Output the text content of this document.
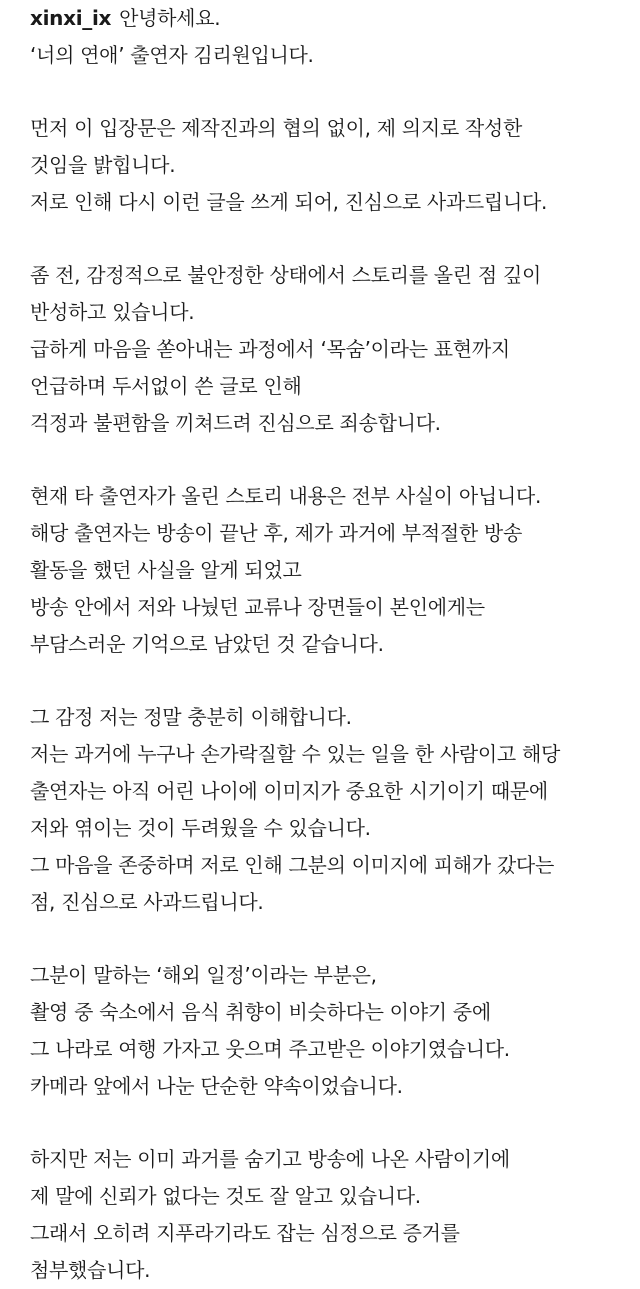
xinxi_ix 안녕하세요.
‘너의 연애’ 출연자 김리원입니다.
먼저 이 입장문은 제작진과의 협의 없이, 제 의지로 작성한
것임을 밝힙니다.
저로 인해 다시 이런 글을 쓰게 되어, 진심으로 사과드립니다.
좀 전, 감정적으로 불안정한 상태에서 스토리를 올린 점 깊이
반성하고 있습니다.
급하게 마음을 쏟아내는 과정에서 ‘목숨’이라는 표현까지
언급하며 두서없이 쓴 글로 인해
걱정과 불편함을 끼쳐드려 진심으로 죄송합니다.
현재 타 출연자가 올린 스토리 내용은 전부 사실이 아닙니다.
해당 출연자는 방송이 끝난 후, 제가 과거에 부적절한 방송
활동을 했던 사실을 알게 되었고
방송 안에서 저와 나눴던 교류나 장면들이 본인에게는
부담스러운 기억으로 남았던 것 같습니다.
그 감정 저는 정말 충분히 이해합니다.
저는 과거에 누구나 손가락질할 수 있는 일을 한 사람이고 해당
출연자는 아직 어린 나이에 이미지가 중요한 시기이기 때문에
저와 엮이는 것이 두려웠을 수 있습니다.
그 마음을 존중하며 저로 인해 그분의 이미지에 피해가 갔다는
점, 진심으로 사과드립니다.
그분이 말하는 ‘해외 일정’이라는 부분은,
촬영 중 숙소에서 음식 취향이 비슷하다는 이야기 중에
그 나라로 여행 가자고 웃으며 주고받은 이야기였습니다.
카메라 앞에서 나눈 단순한 약속이었습니다.
하지만 저는 이미 과거를 숨기고 방송에 나온 사람이기에
제 말에 신뢰가 없다는 것도 잘 알고 있습니다.
그래서 오히려 지푸라기라도 잡는 심정으로 증거를
첨부했습니다.
